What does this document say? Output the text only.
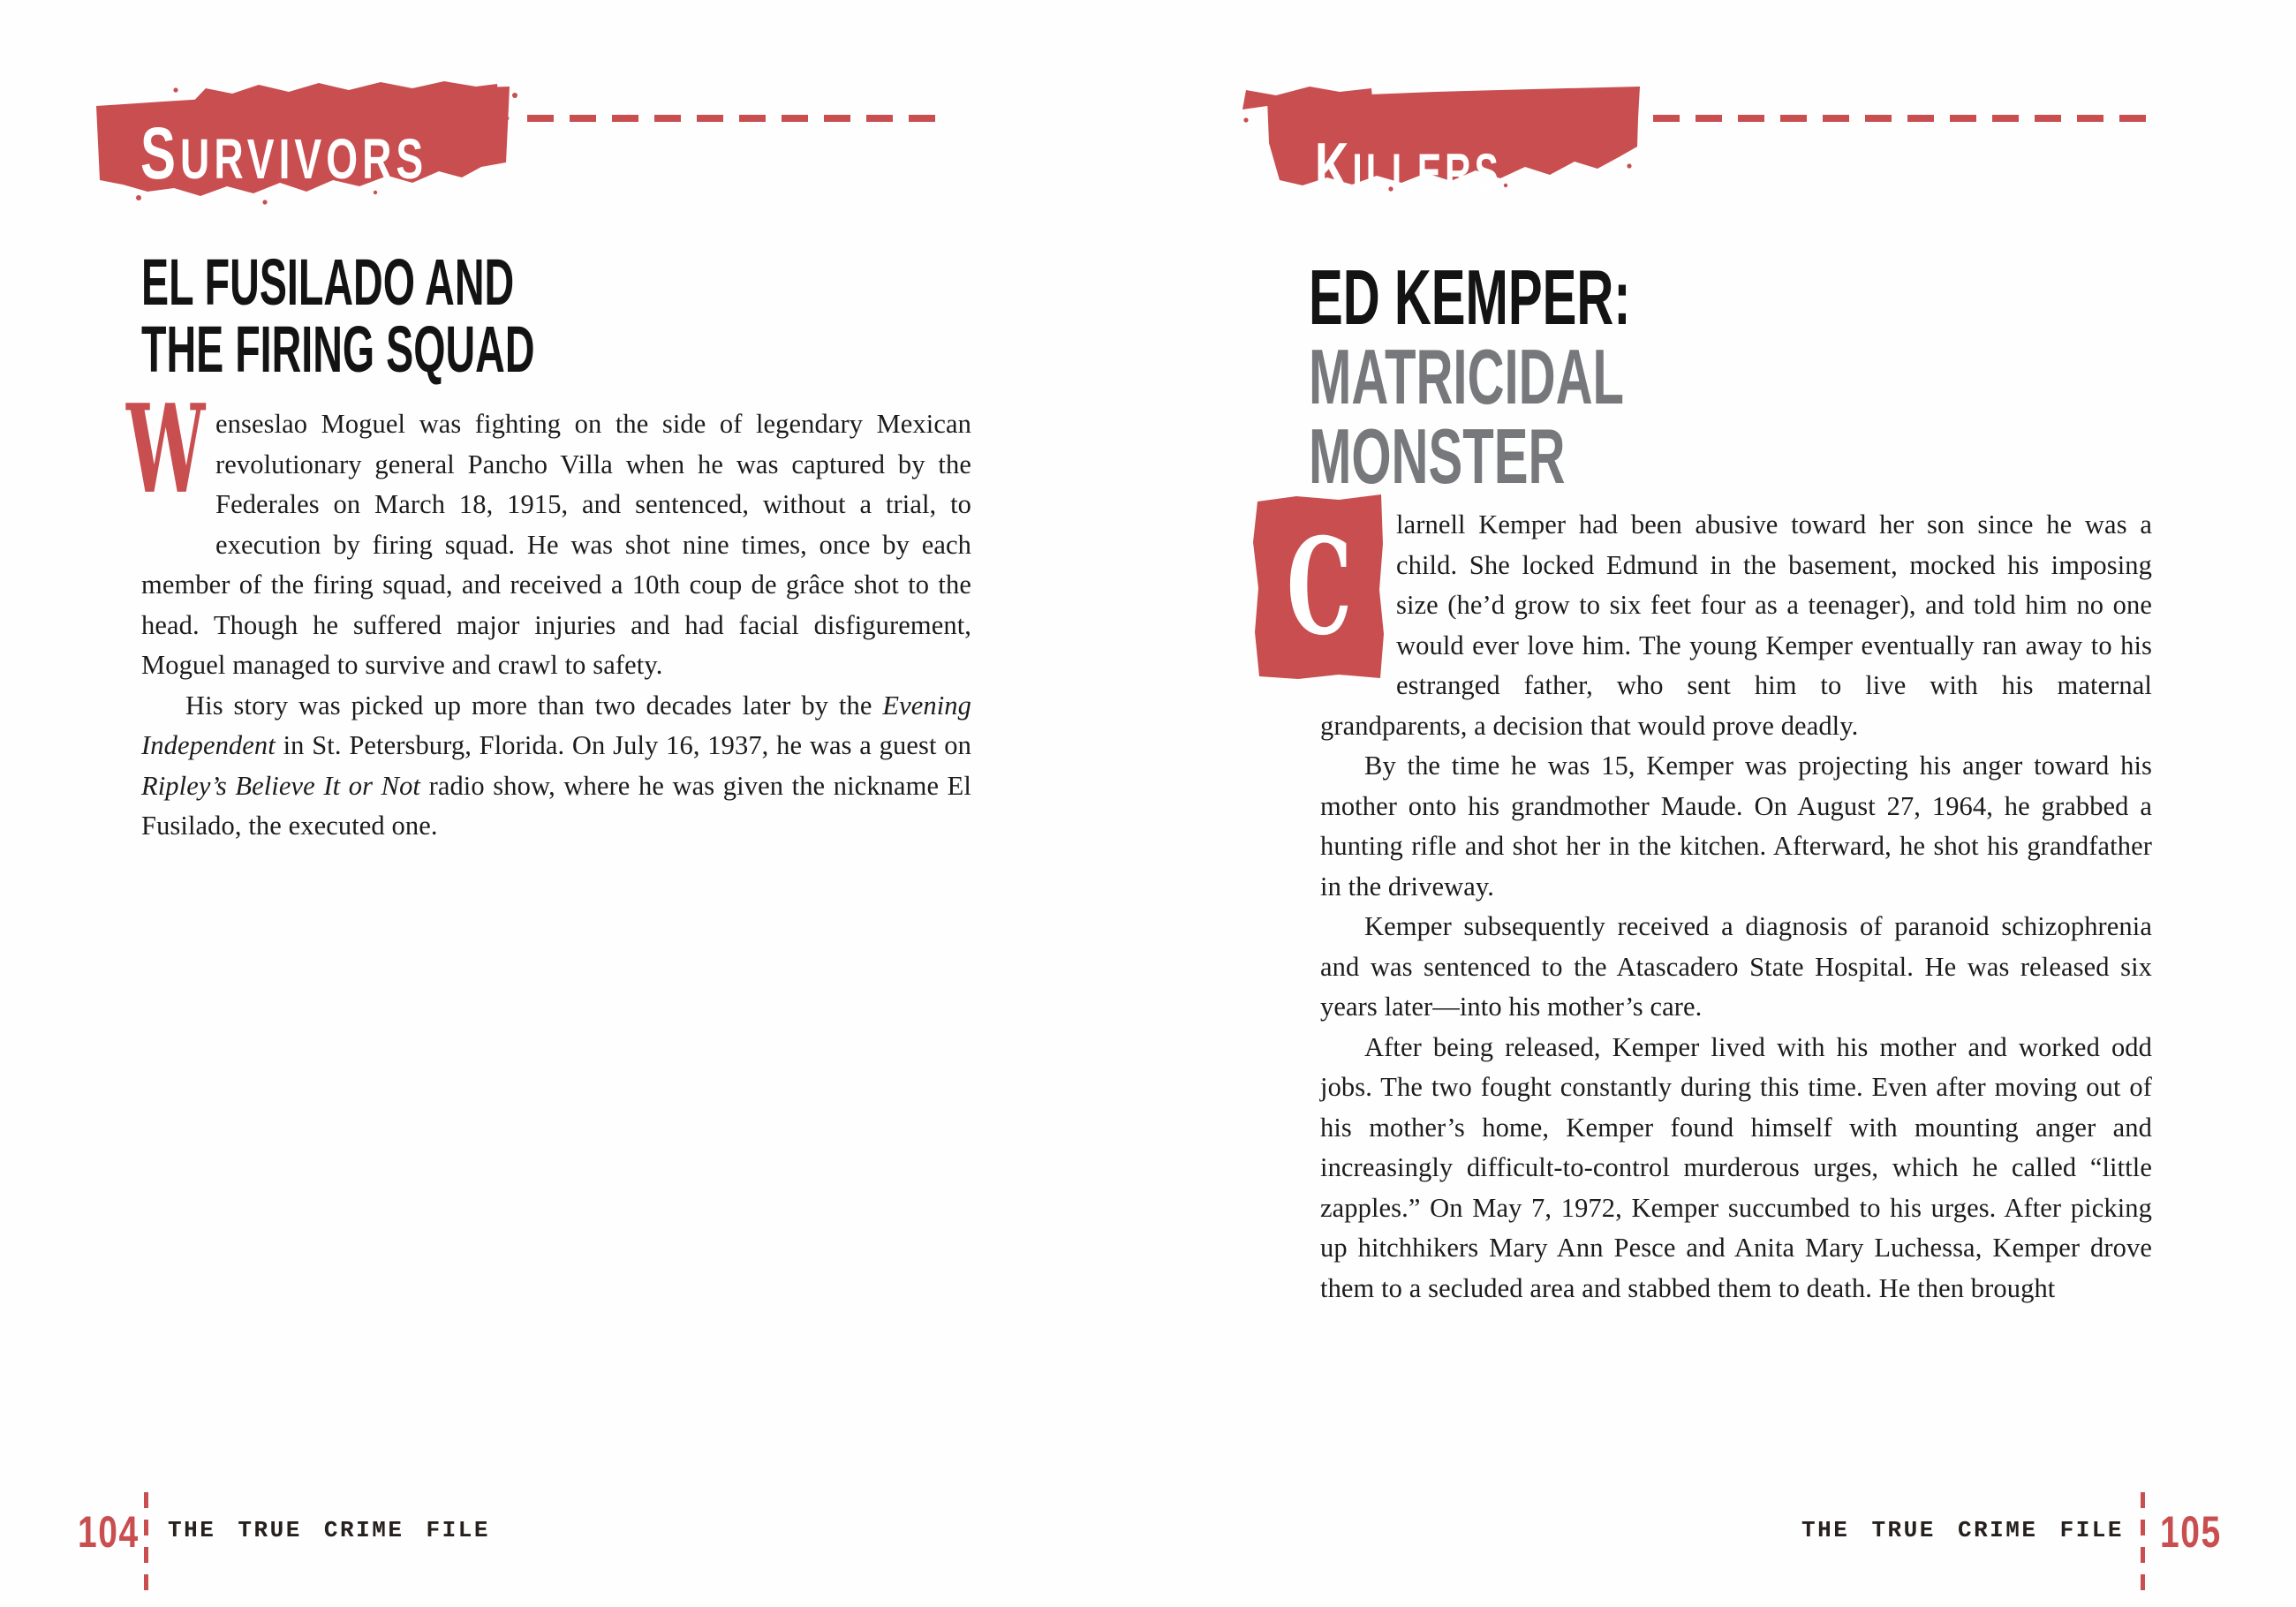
SURVIVORS
EL FUSILADO AND
THE FIRING SQUAD
W enseslao Moguel was fighting on the side of legendary Mexican revolutionary general Pancho Villa when he was captured by the Federales on March 18, 1915, and sentenced, without a trial, to execution by firing squad. He was shot nine times, once by each member of the firing squad, and received a 10th coup de grâce shot to the head. Though he suffered major injuries and had facial disfigurement, Moguel managed to survive and crawl to safety.

His story was picked up more than two decades later by the Evening Independent in St. Petersburg, Florida. On July 16, 1937, he was a guest on Ripley’s Believe It or Not radio show, where he was given the nickname El Fusilado, the executed one.

104 THE TRUE CRIME FILE
KILLERS
ED KEMPER:
MATRICIDAL
MONSTER
C	larnell Kemper had been abusive toward her son since he was a child. She locked Edmund in the basement, mocked his imposing size (he’d grow to six feet four as a teenager), and told him no one would ever love him. The young Kemper eventually ran away to his estranged father, who sent him to live with his maternal grandparents, a decision that would prove deadly.

By the time he was 15, Kemper was projecting his anger toward his mother onto his grandmother Maude. On August 27, 1964, he grabbed a hunting rifle and shot her in the kitchen. Afterward, he shot his grandfather in the driveway.

Kemper subsequently received a diagnosis of paranoid schizophrenia and was sentenced to the Atascadero State Hospital. He was released six years later—into his mother’s care.

After being released, Kemper lived with his mother and worked odd jobs. The two fought constantly during this time. Even after moving out of his mother’s home, Kemper found himself with mounting anger and increasingly difficult-to-control murderous urges, which he called “little zapples.” On May 7, 1972, Kemper succumbed to his urges. After picking up hitchhikers Mary Ann Pesce and Anita Mary Luchessa, Kemper drove them to a secluded area and stabbed them to death. He then brought

THE TRUE CRIME FILE 105
